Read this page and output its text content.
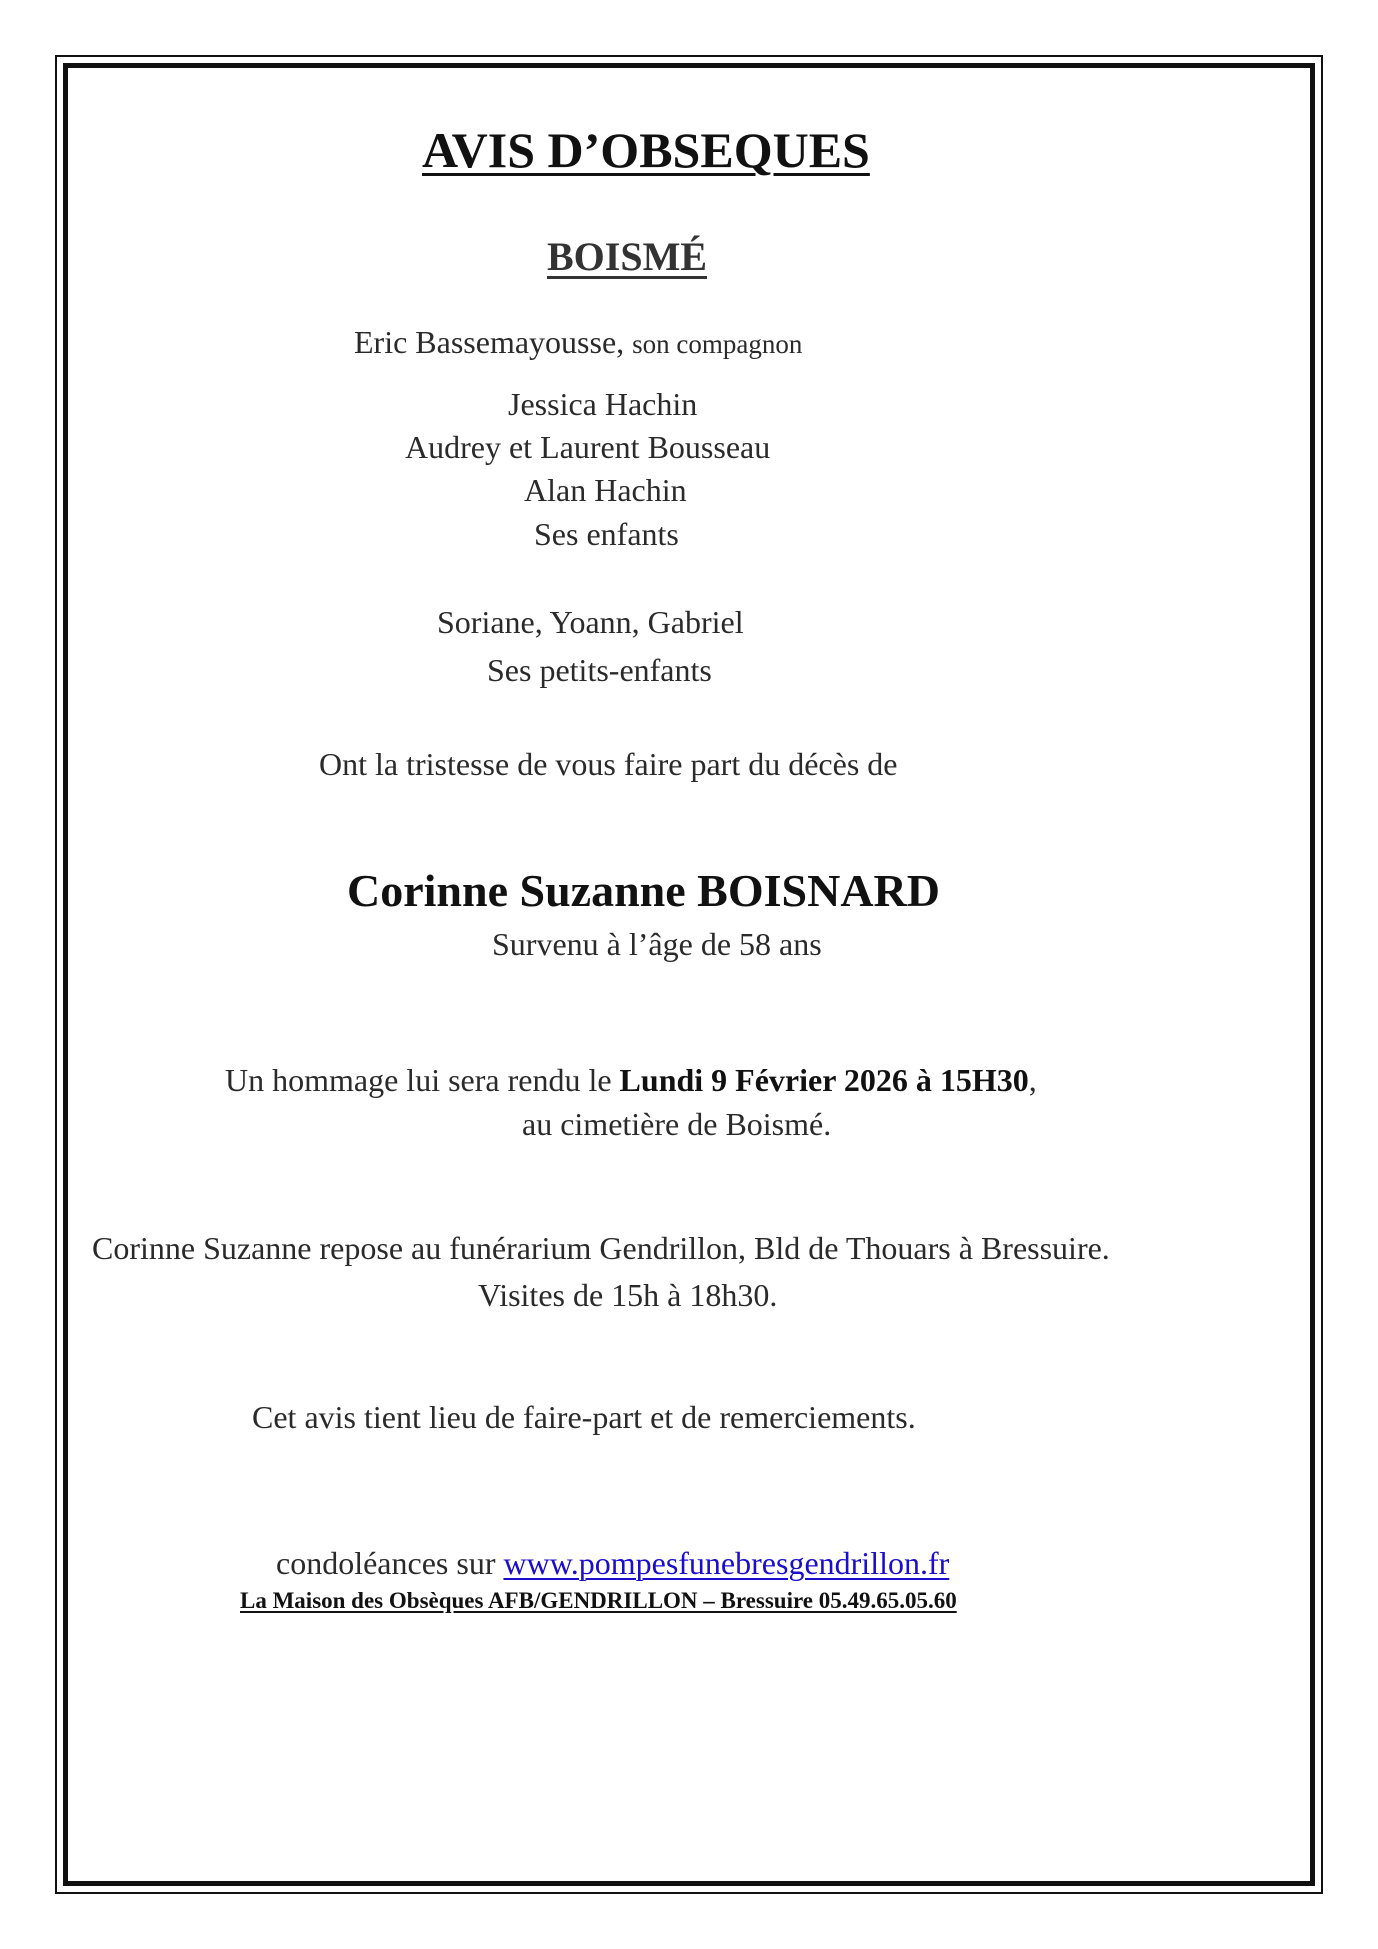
AVIS D’OBSEQUES
BOISMÉ

Eric Bassemayousse, son compagnon

Jessica Hachin

Audrey et Laurent Bousseau

Alan Hachin

Ses enfants

Soriane, Yoann, Gabriel

Ses petits-enfants

Ont la tristesse de vous faire part du décès de

Corinne Suzanne BOISNARD

Survenu à l’âge de 58 ans

Un hommage lui sera rendu le Lundi 9 Février 2026 à 15H30,

au cimetière de Boismé.

Corinne Suzanne repose au funérarium Gendrillon, Bld de Thouars à Bressuire.

Visites de 15h à 18h30.

Cet avis tient lieu de faire-part et de remerciements.

condoléances sur www.pompesfunebresgendrillon.fr

La Maison des Obsèques AFB/GENDRILLON – Bressuire 05.49.65.05.60
